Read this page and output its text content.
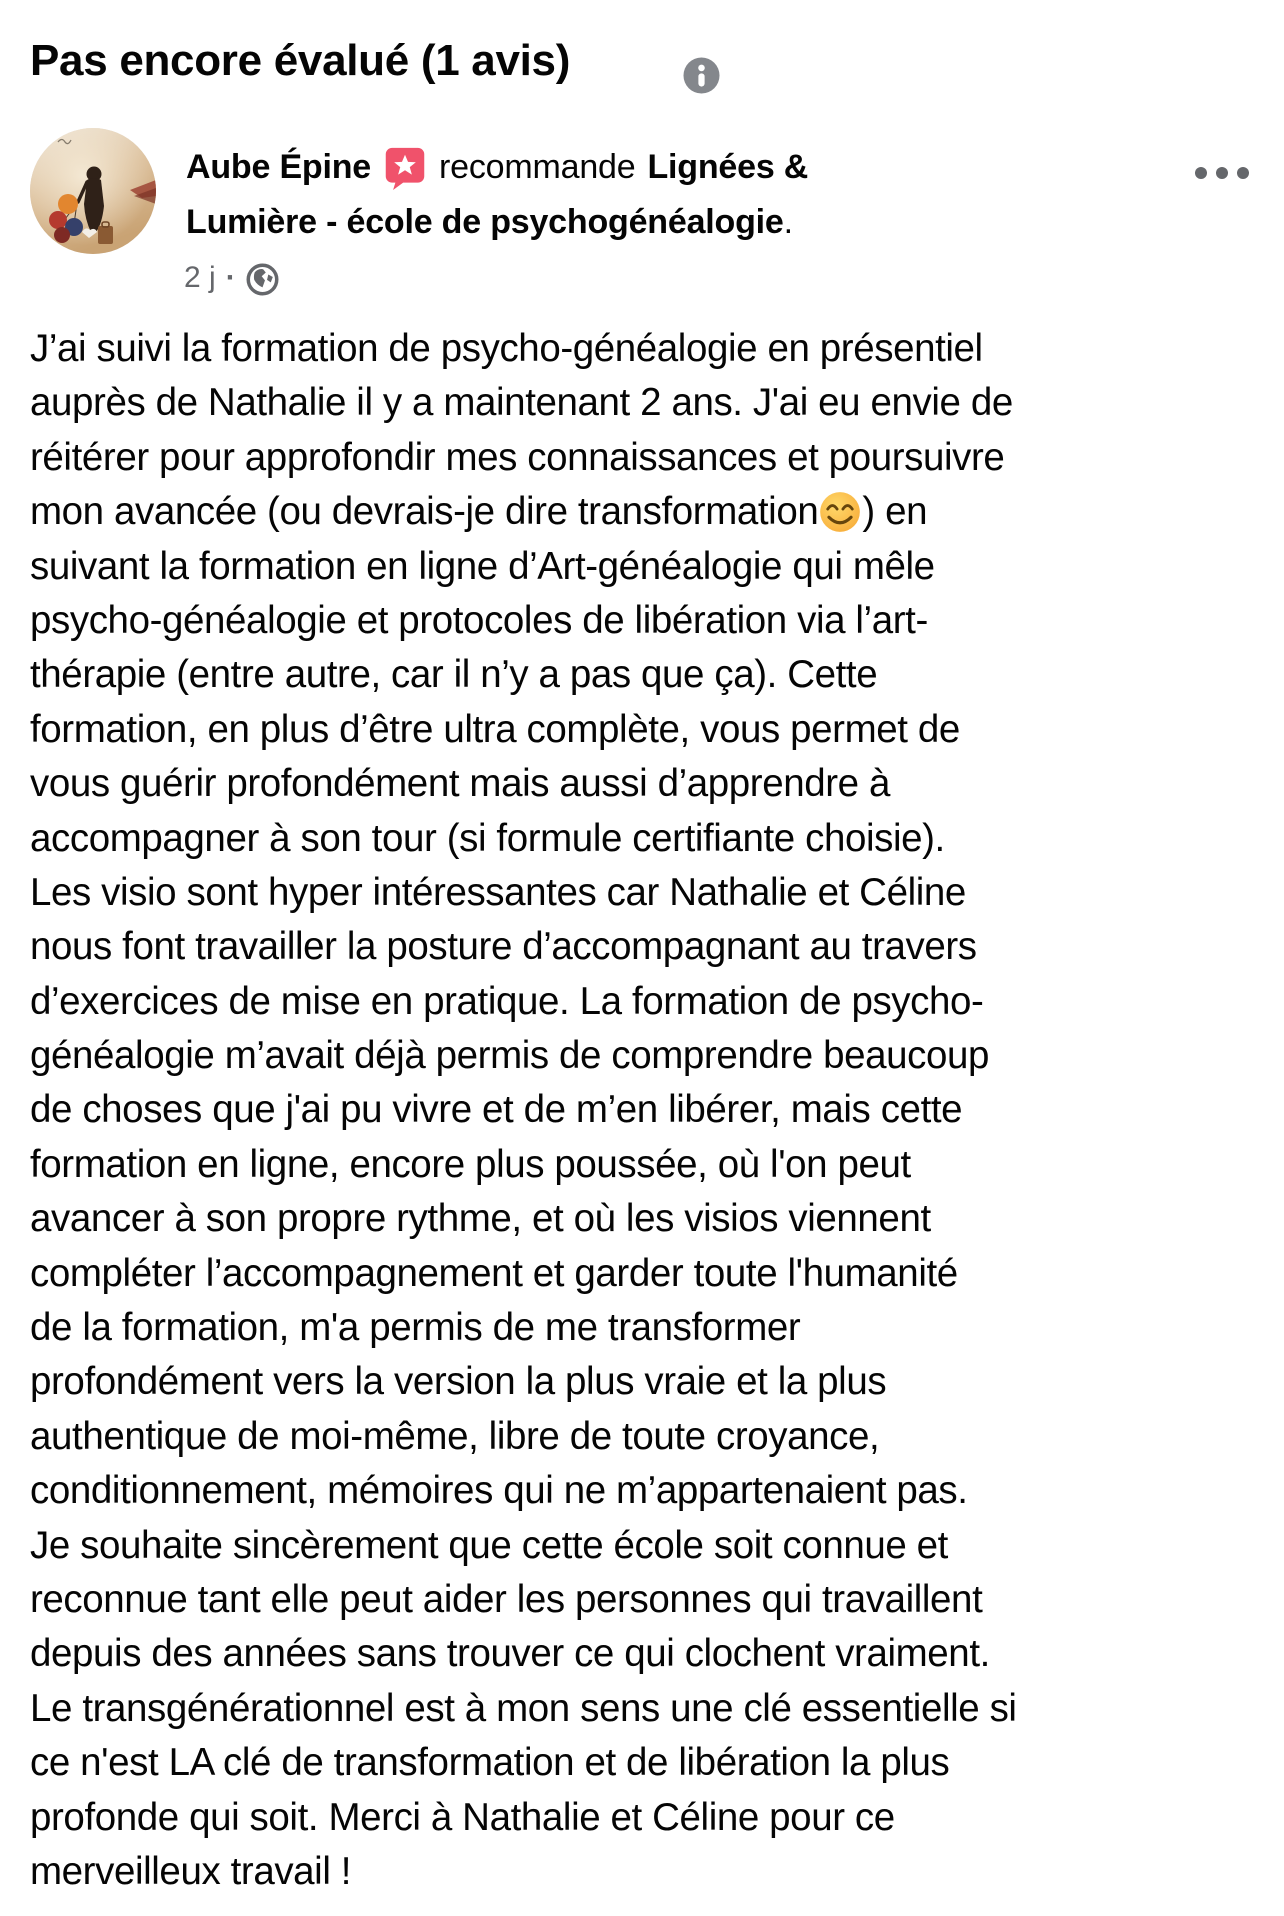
Pas encore évalué (1 avis)
Aube Épine recommande Lignées &
Lumière - école de psychogénéalogie .
2 j ·
J’ai suivi la formation de psycho-généalogie en présentiel
auprès de Nathalie il y a maintenant 2 ans. J'ai eu envie de
réitérer pour approfondir mes connaissances et poursuivre
mon avancée (ou devrais-je dire transformation ) en
suivant la formation en ligne d’Art-généalogie qui mêle
psycho-généalogie et protocoles de libération via l’art-
thérapie (entre autre, car il n’y a pas que ça). Cette
formation, en plus d’être ultra complète, vous permet de
vous guérir profondément mais aussi d’apprendre à
accompagner à son tour (si formule certifiante choisie).
Les visio sont hyper intéressantes car Nathalie et Céline
nous font travailler la posture d’accompagnant au travers
d’exercices de mise en pratique. La formation de psycho-
généalogie m’avait déjà permis de comprendre beaucoup
de choses que j'ai pu vivre et de m’en libérer, mais cette
formation en ligne, encore plus poussée, où l'on peut
avancer à son propre rythme, et où les visios viennent
compléter l’accompagnement et garder toute l'humanité
de la formation, m'a permis de me transformer
profondément vers la version la plus vraie et la plus
authentique de moi-même, libre de toute croyance,
conditionnement, mémoires qui ne m’appartenaient pas.
Je souhaite sincèrement que cette école soit connue et
reconnue tant elle peut aider les personnes qui travaillent
depuis des années sans trouver ce qui clochent vraiment.
Le transgénérationnel est à mon sens une clé essentielle si
ce n'est LA clé de transformation et de libération la plus
profonde qui soit. Merci à Nathalie et Céline pour ce
merveilleux travail !
